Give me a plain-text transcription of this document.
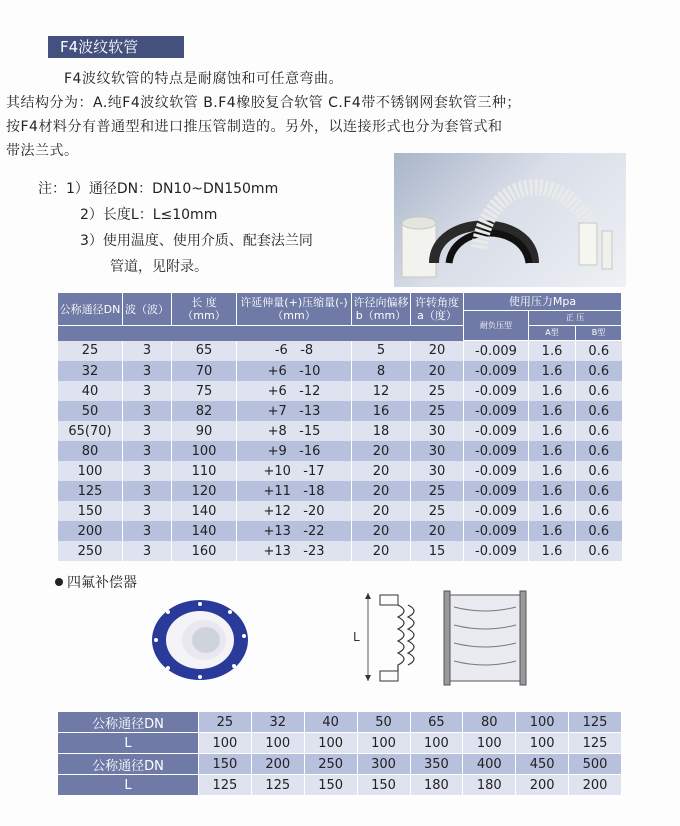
F4波纹软管
F4波纹软管的特点是耐腐蚀和可任意弯曲。
其结构分为：A.纯F4波纹软管 B.F4橡胶复合软管 C.F4带不锈钢网套软管三种；
按F4材料分有普通型和进口推压管制造的。另外，以连接形式也分为套管式和
带法兰式。
注：1）通径DN：DN10~DN150mm
2）长度L：L≤10mm
3）使用温度、使用介质、配套法兰同
管道，见附录。
公称通径DN	波（波）	长 度（mm）	许延伸量(+)压缩量(-)（mm）	许径向偏移b（mm）	许转角度a（度）	使用压力Mpa		
						耐负压型	正 压	
							A型	B型
25	3	65	-6 -8	5	20	-0.009	1.6	0.6
32	3	70	+6 -10	8	20	-0.009	1.6	0.6
40	3	75	+6 -12	12	25	-0.009	1.6	0.6
50	3	82	+7 -13	16	25	-0.009	1.6	0.6
65(70)	3	90	+8 -15	18	30	-0.009	1.6	0.6
80	3	100	+9 -16	20	30	-0.009	1.6	0.6
100	3	110	+10 -17	20	30	-0.009	1.6	0.6
125	3	120	+11 -18	20	25	-0.009	1.6	0.6
150	3	140	+12 -20	20	25	-0.009	1.6	0.6
200	3	140	+13 -22	20	20	-0.009	1.6	0.6
250	3	160	+13 -23	20	15	-0.009	1.6	0.6
四氟补偿器
L
公称通径DN	25	32	40	50	65	80	100	125
L	100	100	100	100	100	100	100	125
公称通径DN	150	200	250	300	350	400	450	500
L	125	125	150	150	180	180	200	200
